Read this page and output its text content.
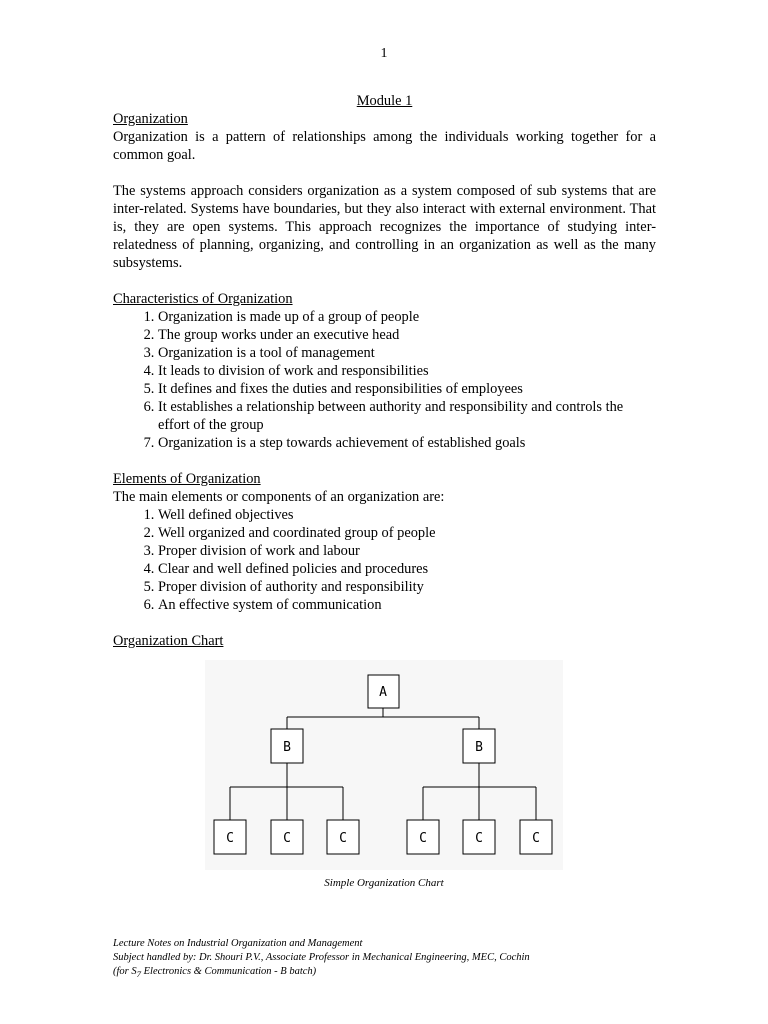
1
Module 1
Organization

Organization is a pattern of relationships among the individuals working together for a common goal.

The systems approach considers organization as a system composed of sub systems that are inter-related. Systems have boundaries, but they also interact with external environment. That is, they are open systems. This approach recognizes the importance of studying inter-relatedness of planning, organizing, and controlling in an organization as well as the many subsystems.

Characteristics of Organization
1. Organization is made up of a group of people
2. The group works under an executive head
3. Organization is a tool of management
4. It leads to division of work and responsibilities
5. It defines and fixes the duties and responsibilities of employees
6. It establishes a relationship between authority and responsibility and controls the effort of the group
7. Organization is a step towards achievement of established goals
Elements of Organization
The main elements or components of an organization are:
1. Well defined objectives
2. Well organized and coordinated group of people
3. Proper division of work and labour
4. Clear and well defined policies and procedures
5. Proper division of authority and responsibility
6. An effective system of communication
Organization Chart
A
B	B
C	C	C	C	C	C
Simple Organization Chart
Lecture Notes on Industrial Organization and Management
Subject handled by: Dr. Shouri P.V., Associate Professor in Mechanical Engineering, MEC, Cochin
(for $S_7$ Electronics & Communication - B batch)
